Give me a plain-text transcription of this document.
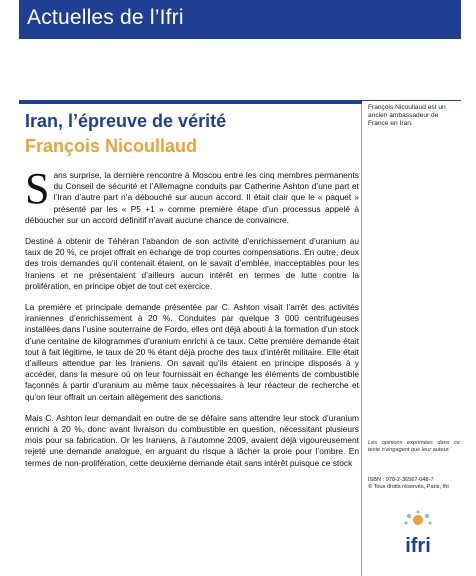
Actuelles de l’Ifri
Iran, l’épreuve de vérité
François Nicoullaud

Sans surprise, la dernière rencontre à Moscou entre les cinq membres permanents du Conseil de sécurité et l’Allemagne conduits par Catherine Ashton d’une part et l’Iran d’autre part n’a débouché sur aucun accord. Il était clair que le « paquet » présenté par les « P5 +1 » comme première étape d’un processus appelé à déboucher sur un accord définitif n’avait aucune chance de convaincre.

Destiné à obtenir de Téhéran l’abandon de son activité d’enrichissement d’uranium au taux de 20 %, ce projet offrait en échange de trop courtes compensations. En outre, deux des trois demandes qu’il contenait étaient, on le savait d’emblée, inacceptables pour les Iraniens et ne présentaient d’ailleurs aucun intérêt en termes de lutte contre la prolifération, en principe objet de tout cet exercice.

La première et principale demande présentée par C. Ashton visait l’arrêt des activités iraniennes d’enrichissement à 20 %. Conduites par quelque 3 000 centrifugeuses installées dans l’usine souterraine de Fordo, elles ont déjà abouti à la formation d’un stock d’une centaine de kilogrammes d’uranium enrichi à ce taux. Cette première demande était tout à fait légitime, le taux de 20 % étant déjà proche des taux d’intérêt militaire. Elle était d’ailleurs attendue par les Iraniens. On savait qu’ils étaient en principe disposés à y accéder, dans la mesure où on leur fournissait en échange les éléments de combustible façonnés à partir d’uranium au même taux nécessaires à leur réacteur de recherche et qu’on leur offrait un certain allègement des sanctions.

Mais C. Ashton leur demandait en outre de se défaire sans attendre leur stock d’uranium enrichi à 20 %, donc avant livraison du combustible en question, nécessitant plusieurs mois pour sa fabrication. Or les Iraniens, à l’automne 2009, avaient déjà vigoureusement rejeté une demande analogue, en arguant du risque à lâcher la proie pour l’ombre. En termes de non-prolifération, cette deuxième demande était sans intérêt puisque ce stock

François Nicoullaud est un ancien ambassadeur de France en Iran.
Les opinions exprimées dans ce texte n’engagent que leur auteur.
ISBN : 978-2-36567-048-7
© Tous droits réservés, Paris, Ifri
ifri
